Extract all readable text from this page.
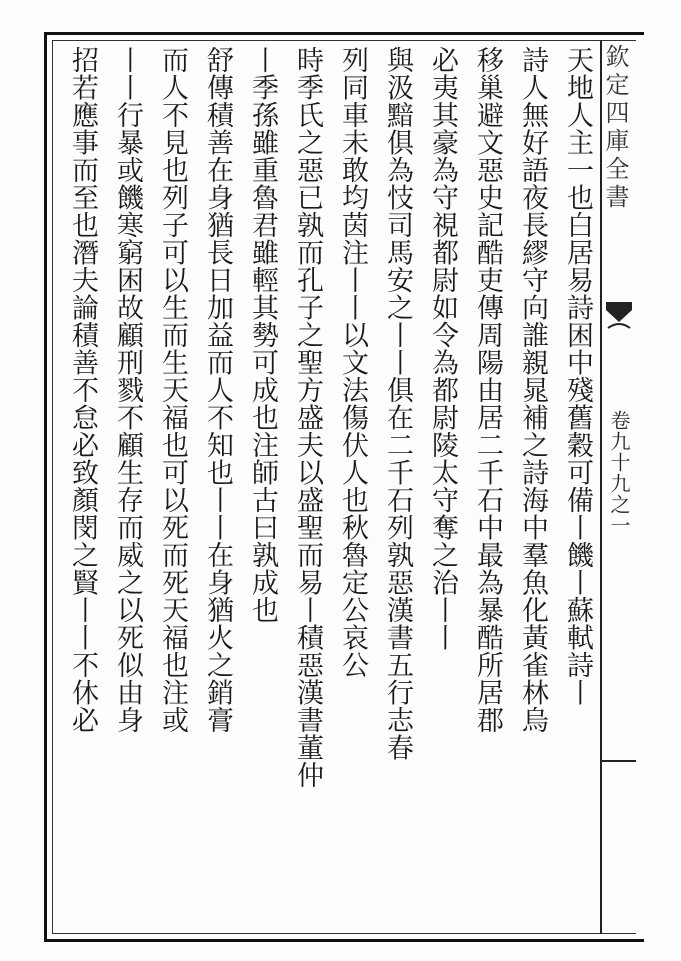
欽定四庫全書
卷九十九之一
天地人主一也白居易詩困中殘舊穀可備丨饑丨蘇軾詩丨
詩人無好語夜長繆守向誰親晁補之詩海中羣魚化黃雀林烏
移巢避文惡史記酷吏傳周陽由居二千石中最為暴酷所居郡
必夷其豪為守視都尉如令為都尉陵太守奪之治丨丨
與汲黯俱為忮司馬安之丨丨俱在二千石列孰惡漢書五行志春
列同車未敢均茵注丨丨以文法傷伏人也秋魯定公哀公
時季氏之惡已孰而孔子之聖方盛夫以盛聖而易丨積惡漢書董仲
丨季孫雖重魯君雖輕其勢可成也注師古曰孰成也
舒傳積善在身猶長日加益而人不知也丨丨在身猶火之銷膏
而人不見也列子可以生而生天福也可以死而死天福也注或
丨丨行暴或饑寒窮困故顧刑戮不顧生存而威之以死似由身
招若應事而至也潛夫論積善不怠必致顏閔之賢丨丨不休必
